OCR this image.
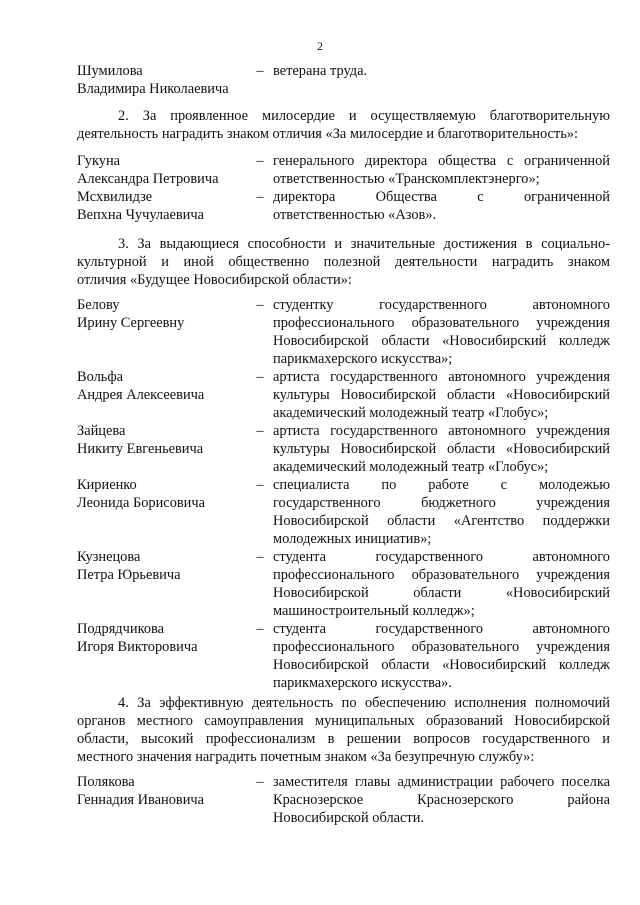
2
Шумилова
Владимира Николаевича
– ветерана труда.
2. За проявленное милосердие и осуществляемую благотворительную
деятельность наградить знаком отличия «За милосердие и благотворительность»:
Гукуна
Александра Петровича
– генерального директора общества с ограниченной
ответственностью «Транскомплектэнерго»;
Мсхвилидзе
Вепхна Чучулаевича
– директора Общества с ограниченной
ответственностью «Азов».
3. За выдающиеся способности и значительные достижения в социально-
культурной и иной общественно полезной деятельности наградить знаком
отличия «Будущее Новосибирской области»:
Белову
Ирину Сергеевну
– студентку государственного автономного
профессионального образовательного учреждения
Новосибирской области «Новосибирский колледж
парикмахерского искусства»;
Вольфа
Андрея Алексеевича
– артиста государственного автономного учреждения
культуры Новосибирской области «Новосибирский
академический молодежный театр «Глобус»;
Зайцева
Никиту Евгеньевича
– артиста государственного автономного учреждения
культуры Новосибирской области «Новосибирский
академический молодежный театр «Глобус»;
Кириенко
Леонида Борисовича
– специалиста по работе с молодежью
государственного бюджетного учреждения
Новосибирской области «Агентство поддержки
молодежных инициатив»;
Кузнецова
Петра Юрьевича
– студента государственного автономного
профессионального образовательного учреждения
Новосибирской области «Новосибирский
машиностроительный колледж»;
Подрядчикова
Игоря Викторовича
– студента государственного автономного
профессионального образовательного учреждения
Новосибирской области «Новосибирский колледж
парикмахерского искусства».
4. За эффективную деятельность по обеспечению исполнения полномочий
органов местного самоуправления муниципальных образований Новосибирской
области, высокий профессионализм в решении вопросов государственного и
местного значения наградить почетным знаком «За безупречную службу»:
Полякова
Геннадия Ивановича
– заместителя главы администрации рабочего поселка
Краснозерское Краснозерского района
Новосибирской области.
